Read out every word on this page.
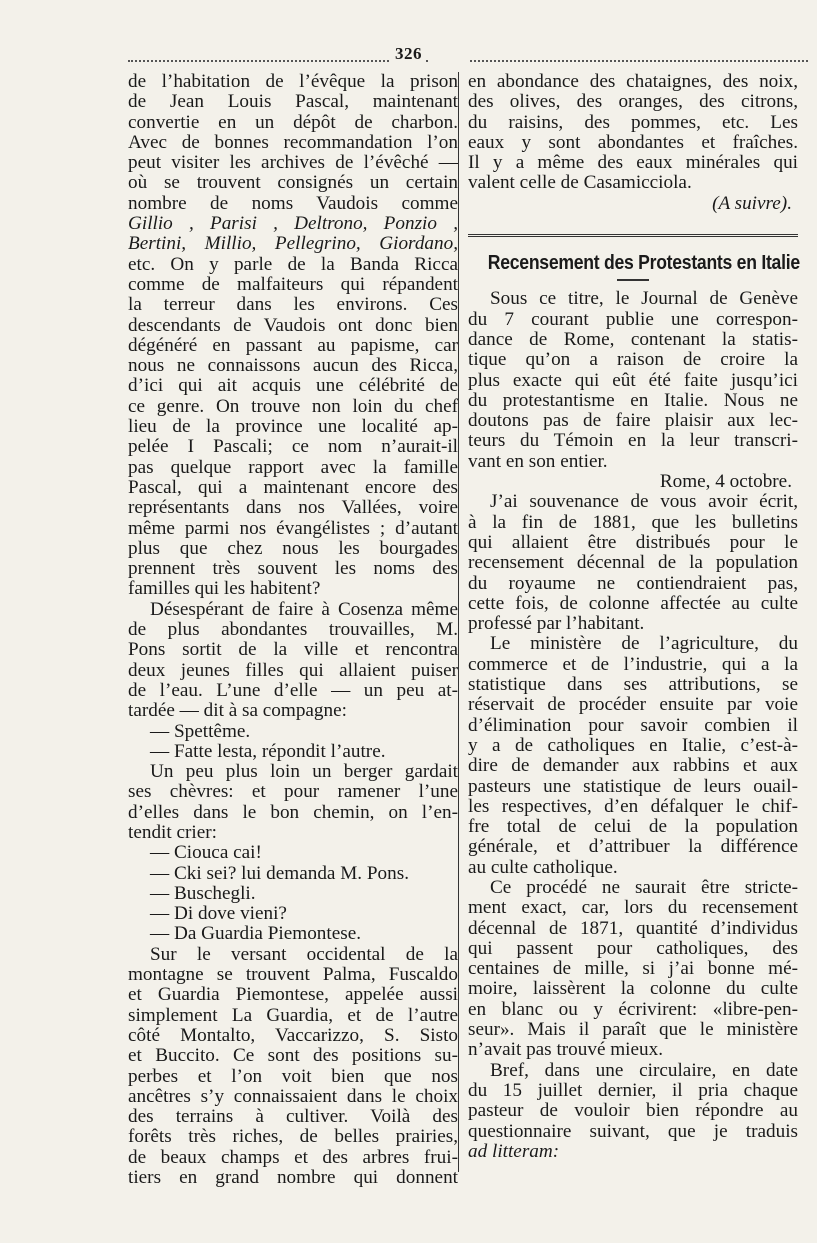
326
de l’habitation de l’évêque la prison
de Jean Louis Pascal, maintenant
convertie en un dépôt de charbon.
Avec de bonnes recommandation l’on
peut visiter les archives de l’évêché —
où se trouvent consignés un certain
nombre de noms Vaudois comme
Gillio , Parisi , Deltrono, Ponzio ,
Bertini, Millio, Pellegrino, Giordano,
etc. On y parle de la Banda Ricca
comme de malfaiteurs qui répandent
la terreur dans les environs. Ces
descendants de Vaudois ont donc bien
dégénéré en passant au papisme, car
nous ne connaissons aucun des Ricca,
d’ici qui ait acquis une célébrité de
ce genre. On trouve non loin du chef
lieu de la province une localité ap-
pelée I Pascali; ce nom n’aurait-il
pas quelque rapport avec la famille
Pascal, qui a maintenant encore des
représentants dans nos Vallées, voire
même parmi nos évangélistes ; d’autant
plus que chez nous les bourgades
prennent très souvent les noms des
familles qui les habitent?
Désespérant de faire à Cosenza même
de plus abondantes trouvailles, M.
Pons sortit de la ville et rencontra
deux jeunes filles qui allaient puiser
de l’eau. L’une d’elle — un peu at-
tardée — dit à sa compagne:
— Spettême.
— Fatte lesta, répondit l’autre.
Un peu plus loin un berger gardait
ses chèvres: et pour ramener l’une
d’elles dans le bon chemin, on l’en-
tendit crier:
— Ciouca cai!
— Cki sei? lui demanda M. Pons.
— Buschegli.
— Di dove vieni?
— Da Guardia Piemontese.
Sur le versant occidental de la
montagne se trouvent Palma, Fuscaldo
et Guardia Piemontese, appelée aussi
simplement La Guardia, et de l’autre
côté Montalto, Vaccarizzo, S. Sisto
et Buccito. Ce sont des positions su-
perbes et l’on voit bien que nos
ancêtres s’y connaissaient dans le choix
des terrains à cultiver. Voilà des
forêts très riches, de belles prairies,
de beaux champs et des arbres frui-
tiers en grand nombre qui donnent
en abondance des chataignes, des noix,
des olives, des oranges, des citrons,
du raisins, des pommes, etc. Les
eaux y sont abondantes et fraîches.
Il y a même des eaux minérales qui
valent celle de Casamicciola.
(A suivre).
Recensement des Protestants en Italie
Sous ce titre, le Journal de Genève
du 7 courant publie une correspon-
dance de Rome, contenant la statis-
tique qu’on a raison de croire la
plus exacte qui eût été faite jusqu’ici
du protestantisme en Italie. Nous ne
doutons pas de faire plaisir aux lec-
teurs du Témoin en la leur transcri-
vant en son entier.
Rome, 4 octobre.
J’ai souvenance de vous avoir écrit,
à la fin de 1881, que les bulletins
qui allaient être distribués pour le
recensement décennal de la population
du royaume ne contiendraient pas,
cette fois, de colonne affectée au culte
professé par l’habitant.
Le ministère de l’agriculture, du
commerce et de l’industrie, qui a la
statistique dans ses attributions, se
réservait de procéder ensuite par voie
d’élimination pour savoir combien il
y a de catholiques en Italie, c’est-à-
dire de demander aux rabbins et aux
pasteurs une statistique de leurs ouail-
les respectives, d’en défalquer le chif-
fre total de celui de la population
générale, et d’attribuer la différence
au culte catholique.
Ce procédé ne saurait être stricte-
ment exact, car, lors du recensement
décennal de 1871, quantité d’individus
qui passent pour catholiques, des
centaines de mille, si j’ai bonne mé-
moire, laissèrent la colonne du culte
en blanc ou y écrivirent: «libre-pen-
seur». Mais il paraît que le ministère
n’avait pas trouvé mieux.
Bref, dans une circulaire, en date
du 15 juillet dernier, il pria chaque
pasteur de vouloir bien répondre au
questionnaire suivant, que je traduis
ad litteram:
